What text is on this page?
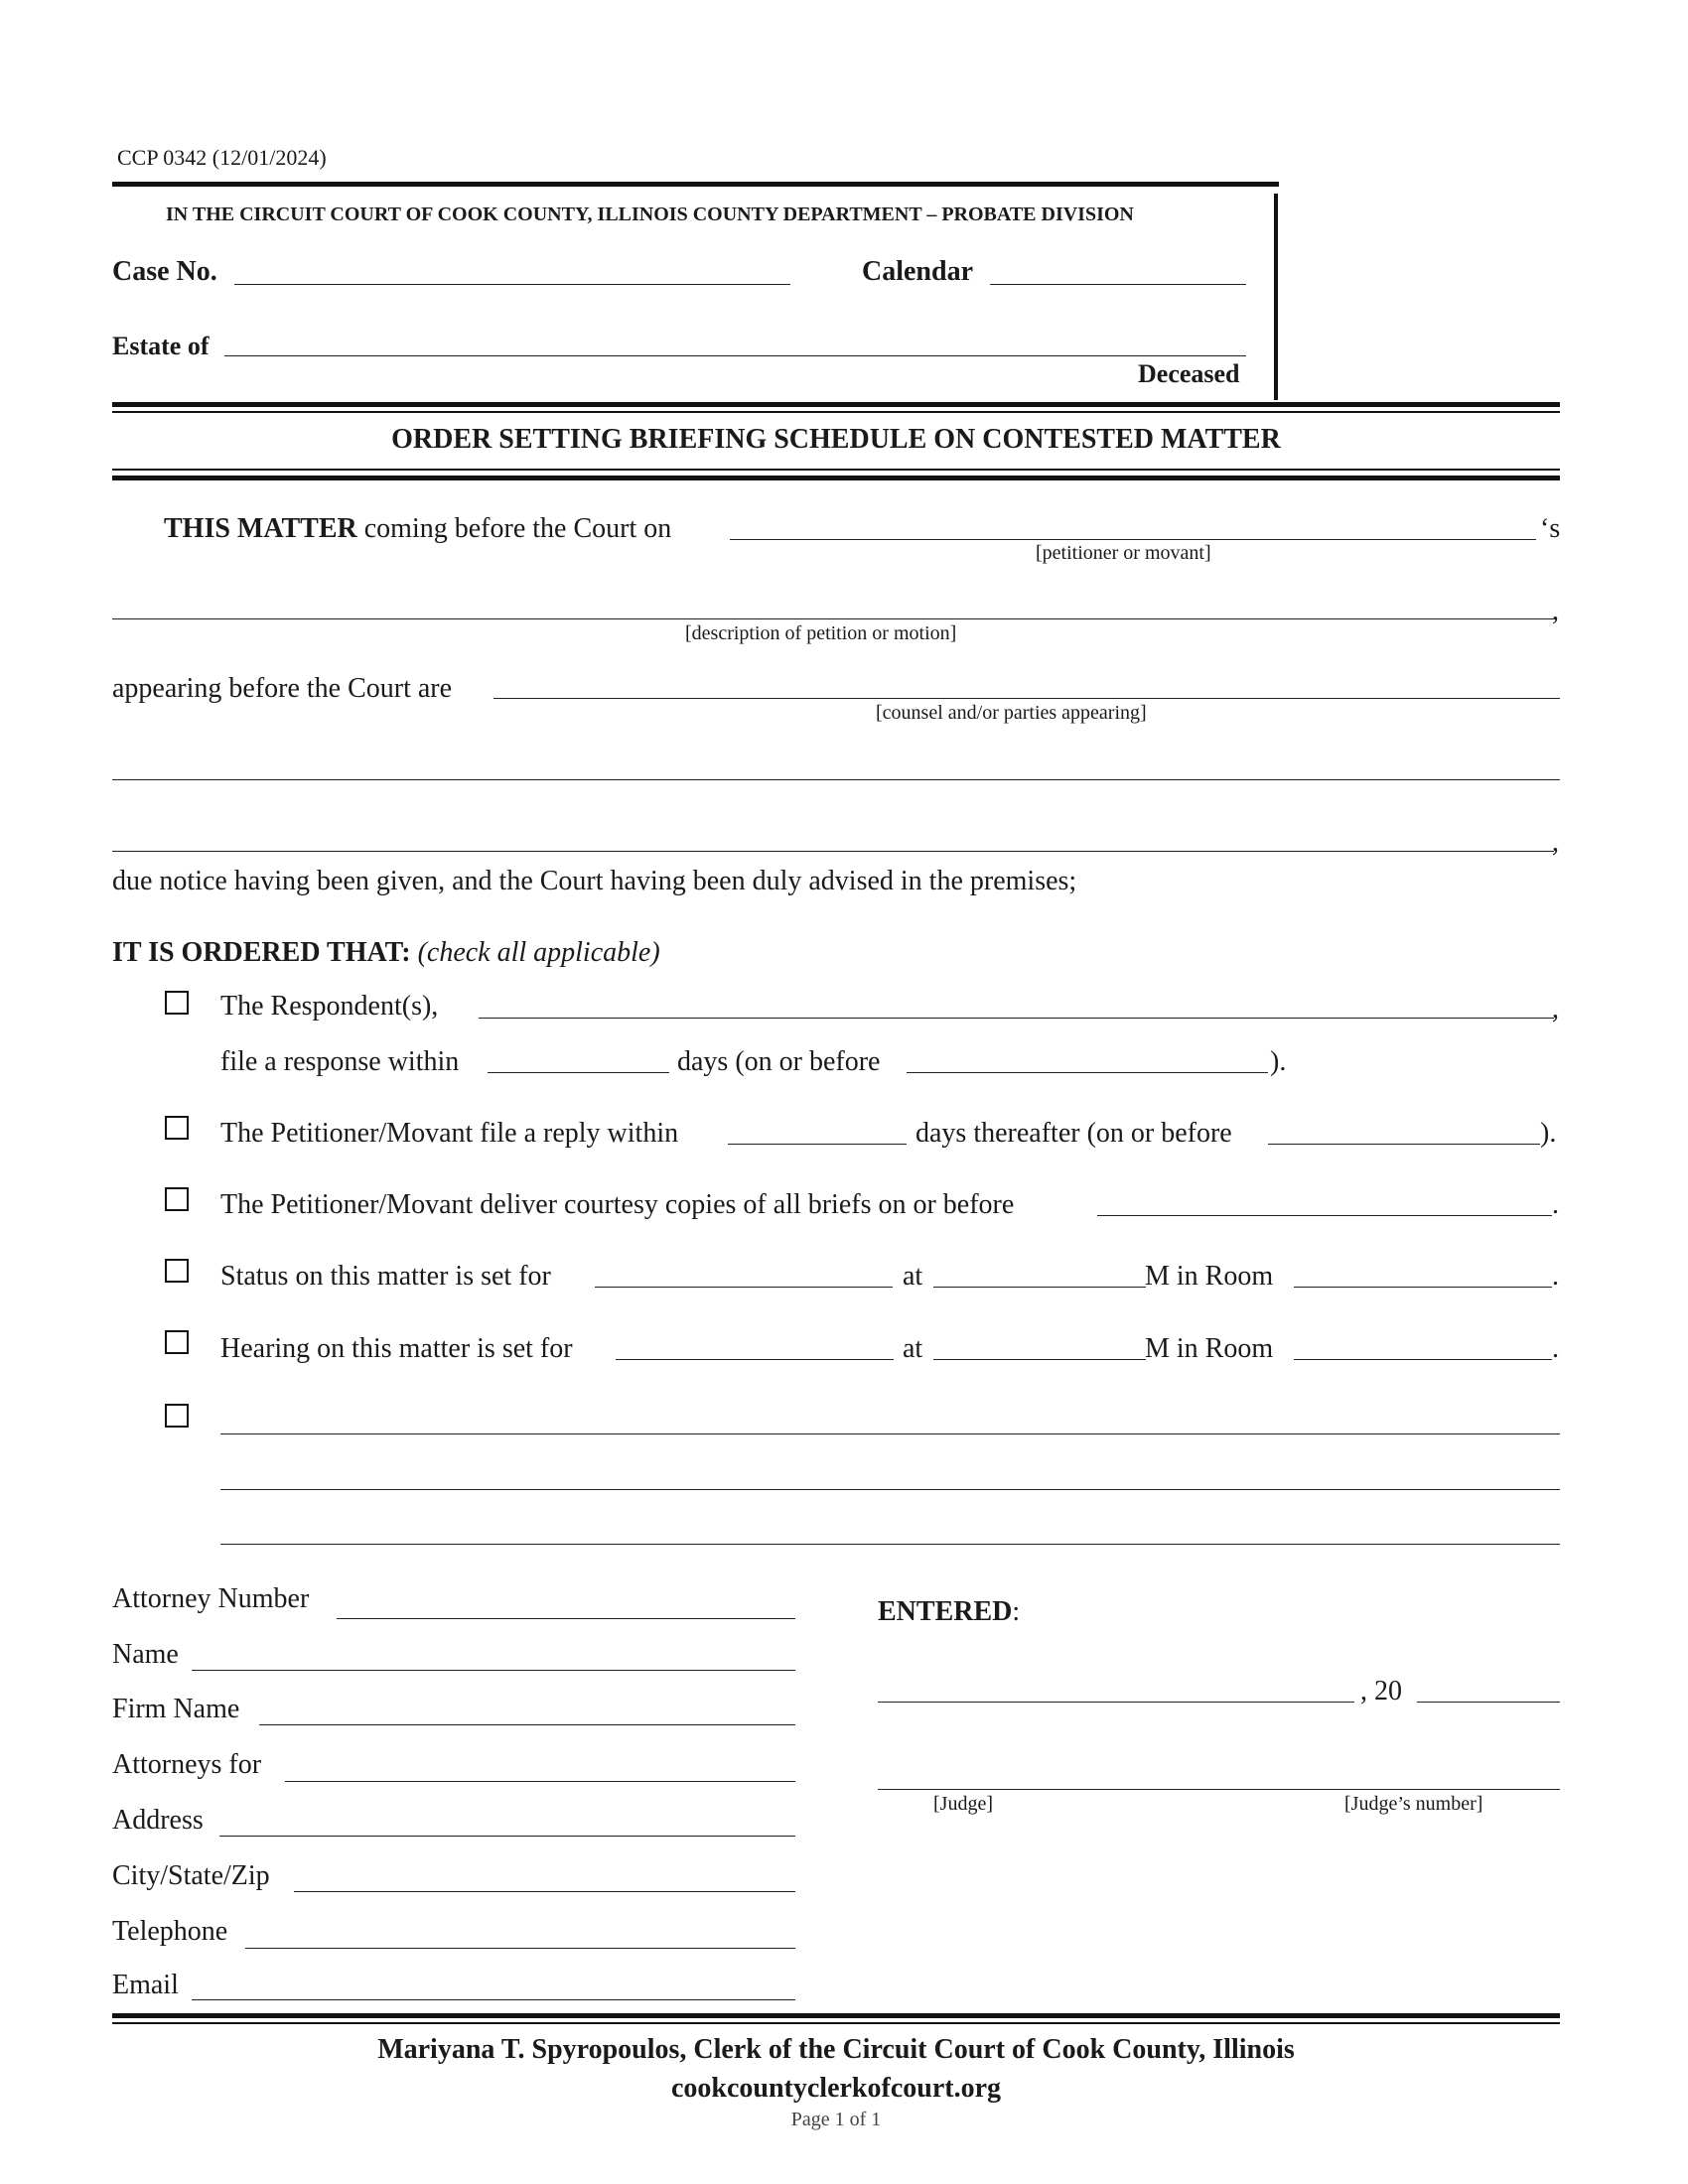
CCP 0342 (12/01/2024)
IN THE CIRCUIT COURT OF COOK COUNTY, ILLINOIS COUNTY DEPARTMENT – PROBATE DIVISION
Case No.	Calendar
Estate of
Deceased
ORDER SETTING BRIEFING SCHEDULE ON CONTESTED MATTER
THIS MATTER coming before the Court on	‘s
[petitioner or movant]
,
[description of petition or motion]
appearing before the Court are
[counsel and/or parties appearing]
,
due notice having been given, and the Court having been duly advised in the premises;
IT IS ORDERED THAT: (check all applicable)
The Respondent(s),	,
file a response within	days (on or before	).
The Petitioner/Movant file a reply within	days thereafter (on or before	).
The Petitioner/Movant deliver courtesy copies of all briefs on or before	.
Status on this matter is set for	at	M in Room	.
Hearing on this matter is set for	at	M in Room	.
Attorney Number
Name
Firm Name
Attorneys for
Address
City/State/Zip
Telephone
Email
ENTERED:
, 20
[Judge]	[Judge’s number]
Mariyana T. Spyropoulos, Clerk of the Circuit Court of Cook County, Illinois
cookcountyclerkofcourt.org
Page 1 of 1
